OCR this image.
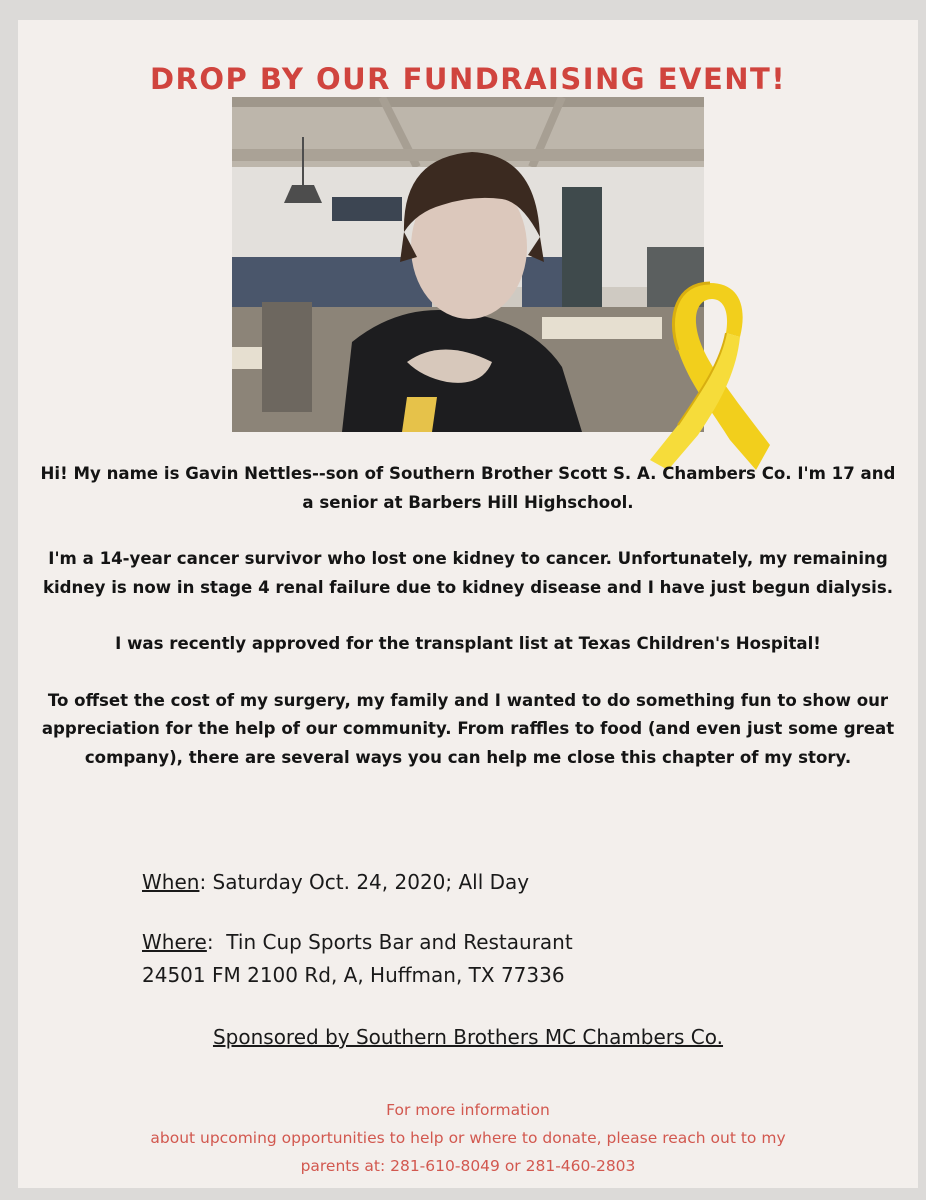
DROP BY OUR FUNDRAISING EVENT!

Hi! My name is Gavin Nettles--son of Southern Brother Scott S. A. Chambers Co. I'm 17 and a senior at Barbers Hill Highschool.

I'm a 14-year cancer survivor who lost one kidney to cancer. Unfortunately, my remaining kidney is now in stage 4 renal failure due to kidney disease and I have just begun dialysis.

I was recently approved for the transplant list at Texas Children's Hospital!

To offset the cost of my surgery, my family and I wanted to do something fun to show our appreciation for the help of our community. From raffles to food (and even just some great company), there are several ways you can help me close this chapter of my story.

When: Saturday Oct. 24, 2020; All Day
Where:  Tin Cup Sports Bar and Restaurant
24501 FM 2100 Rd, A, Huffman, TX 77336
Sponsored by Southern Brothers MC Chambers Co.
For more information
about upcoming opportunities to help or where to donate, please reach out to my
parents at: 281-610-8049 or 281-460-2803
